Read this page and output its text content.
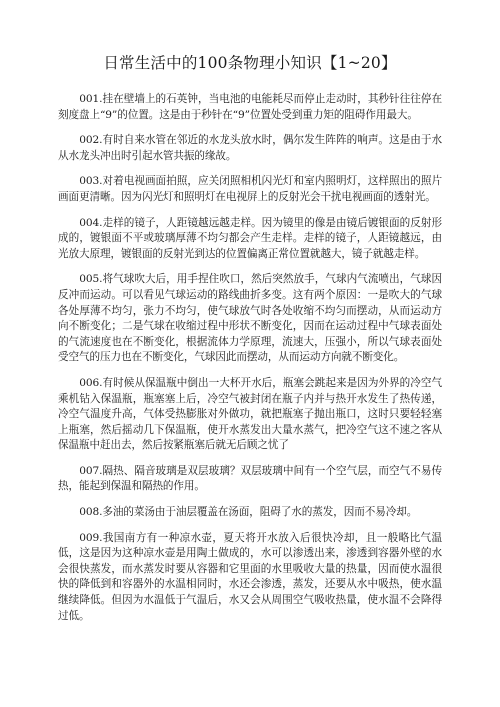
日常生活中的100条物理小知识【1~20】

001.挂在壁墙上的石英钟，当电池的电能耗尽而停止走动时，其秒针往往停在刻度盘上“9”的位置。这是由于秒针在“9”位置处受到重力矩的阻碍作用最大。

002.有时自来水管在邻近的水龙头放水时，偶尔发生阵阵的响声。这是由于水从水龙头冲出时引起水管共振的缘故。

003.对着电视画面拍照，应关闭照相机闪光灯和室内照明灯，这样照出的照片画面更清晰。因为闪光灯和照明灯在电视屏上的反射光会干扰电视画面的透射光。

004.走样的镜子，人距镜越远越走样。因为镜里的像是由镜后镀银面的反射形成的，镀银面不平或玻璃厚薄不均匀都会产生走样。走样的镜子，人距镜越远，由光放大原理，镀银面的反射光到达的位置偏离正常位置就越大，镜子就越走样。

005.将气球吹大后，用手捏住吹口，然后突然放手，气球内气流喷出，气球因反冲而运动。可以看见气球运动的路线曲折多变。这有两个原因：一是吹大的气球各处厚薄不均匀，张力不均匀，使气球放气时各处收缩不均匀而摆动，从而运动方向不断变化；二是气球在收缩过程中形状不断变化，因而在运动过程中气球表面处的气流速度也在不断变化，根据流体力学原理，流速大，压强小，所以气球表面处受空气的压力也在不断变化，气球因此而摆动，从而运动方向就不断变化。

006.有时候从保温瓶中倒出一大杯开水后，瓶塞会跳起来是因为外界的冷空气乘机钻入保温瓶，瓶塞塞上后，冷空气被封闭在瓶子内并与热开水发生了热传递，冷空气温度升高，气体受热膨胀对外做功，就把瓶塞子抛出瓶口，这时只要轻轻塞上瓶塞，然后摇动几下保温瓶，使开水蒸发出大量水蒸气，把冷空气这不速之客从保温瓶中赶出去，然后按紧瓶塞后就无后顾之忧了

007.隔热、隔音玻璃是双层玻璃？双层玻璃中间有一个空气层，而空气不易传热，能起到保温和隔热的作用。

008.多油的菜汤由于油层覆盖在汤面，阻碍了水的蒸发，因而不易冷却。

009.我国南方有一种凉水壶，夏天将开水放入后很快冷却，且一般略比气温低，这是因为这种凉水壶是用陶土做成的，水可以渗透出来，渗透到容器外壁的水会很快蒸发，而水蒸发时要从容器和它里面的水里吸收大量的热量，因而使水温很快的降低到和容器外的水温相同时，水还会渗透，蒸发，还要从水中吸热，使水温继续降低。但因为水温低于气温后，水又会从周围空气吸收热量，使水温不会降得过低。
